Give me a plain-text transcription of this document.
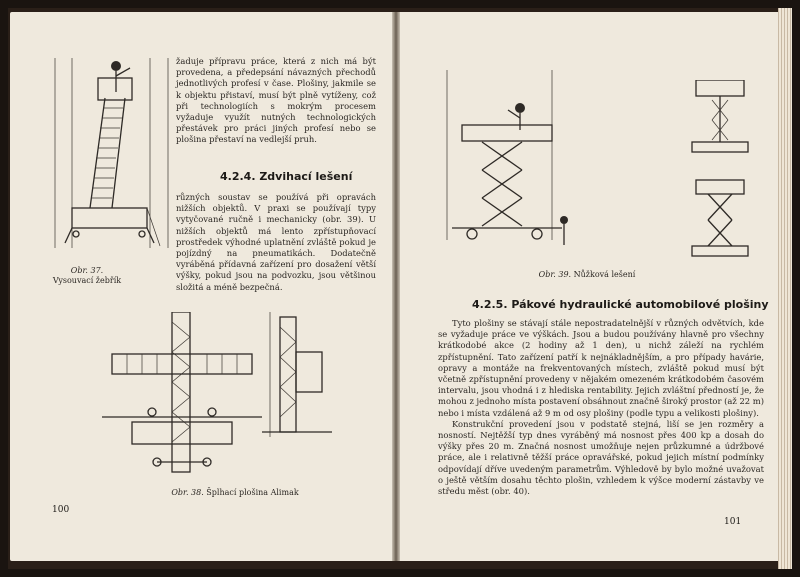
Obr. 37.
Vysouvací žebřík

žaduje přípravu práce, která z nich má být provedena, a předepsání návazných přechodů jednotlivých profesí v čase. Plošiny, jakmile se k objektu přistaví, musí být plně vytíženy, což při technologiích s mokrým procesem vyžaduje využít nutných technologických přestávek pro práci jiných profesí nebo se plošina přestaví na vedlejší pruh.

4.2.4. Zdvihací lešení

různých soustav se používá při opravách nižších objektů. V praxi se používají typy vytyčované ručně i mechanicky (obr. 39). U nižších objektů má lento zpřístupňovací prostředek výhodné uplatnění zvláště pokud je pojízdný na pneumatikách. Dodatečně vyráběná přídavná zařízení pro dosažení větší výšky, pokud jsou na podvozku, jsou většinou složitá a méně bezpečná.

Obr. 38. Šplhací plošina Alimak
100
Obr. 39. Nůžková lešení
4.2.5. Pákové hydraulické automobilové plošiny

Tyto plošiny se stávají stále nepostradatelnější v různých odvětvích, kde se vyžaduje práce ve výškách. Jsou a budou používány hlavně pro všechny krátkodobé akce (2 hodiny až 1 den), u nichž záleží na rychlém zpřístupnění. Tato zařízení patří k nejnákladnějším, a pro případy havárie, opravy a montáže na frekventovaných místech, zvláště pokud musí být včetně zpřístupnění provedeny v nějakém omezeném krátkodobém časovém intervalu, jsou vhodná i z hlediska rentability. Jejich zvláštní předností je, že mohou z jednoho místa postavení obsáhnout značně široký prostor (až 22 m) nebo i místa vzdálená až 9 m od osy plošiny (podle typu a velikosti plošiny).

Konstrukční provedení jsou v podstatě stejná, liší se jen rozměry a nosností. Nejtěžší typ dnes vyráběný má nosnost přes 400 kp a dosah do výšky přes 20 m. Značná nosnost umožňuje nejen průzkumné a údržbové práce, ale i relativně těžší práce opravářské, pokud jejich místní podmínky odpovídají dříve uvedeným parametrům. Výhledově by bylo možné uvažovat o ještě větším dosahu těchto plošin, vzhledem k výšce moderní zástavby ve středu měst (obr. 40).

101
